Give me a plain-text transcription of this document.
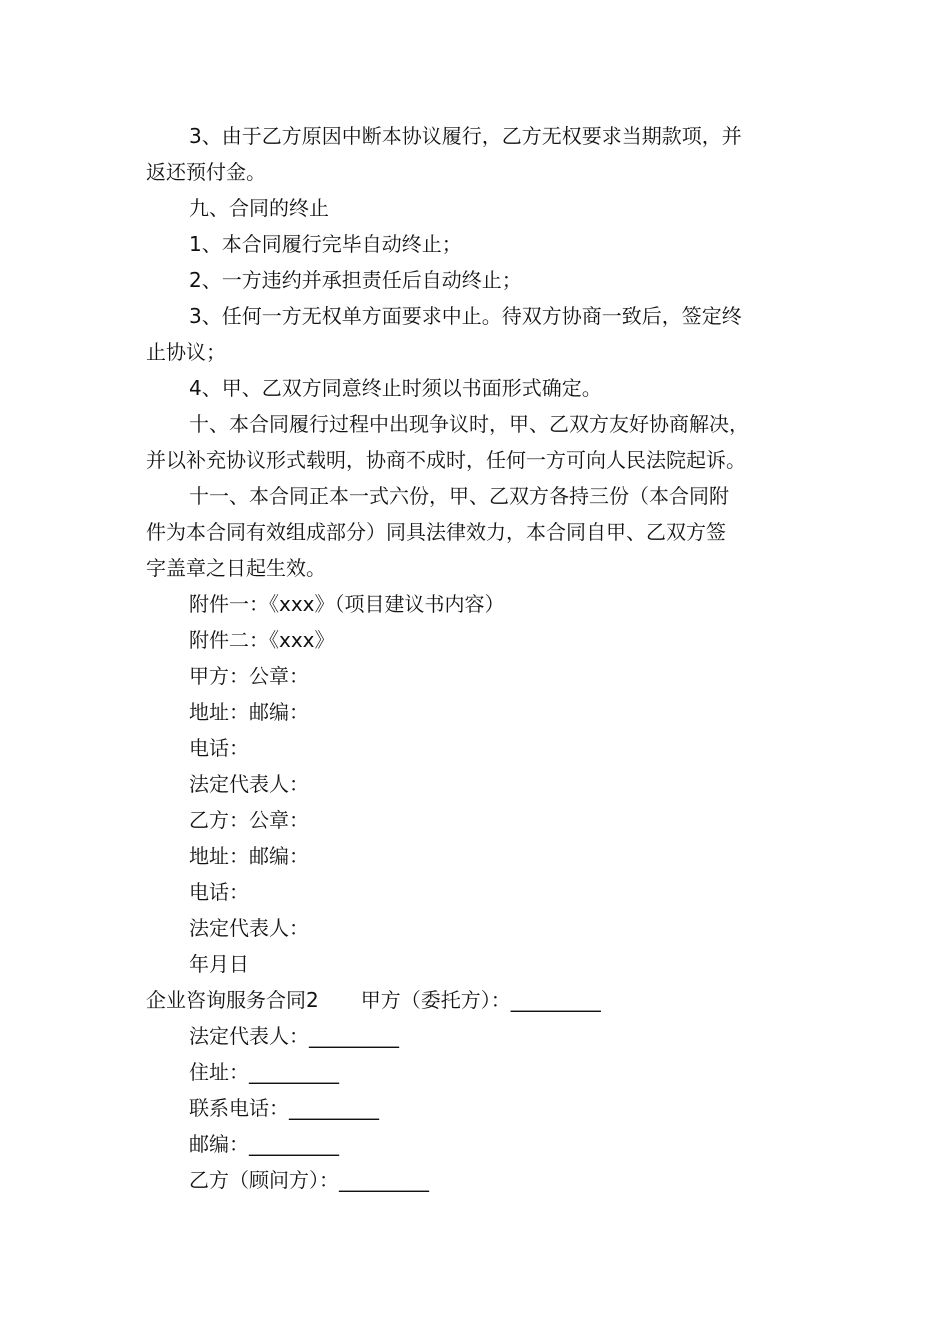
3、由于乙方原因中断本协议履行，乙方无权要求当期款项，并

返还预付金。

九、合同的终止

1、本合同履行完毕自动终止；

2、一方违约并承担责任后自动终止；

3、任何一方无权单方面要求中止。待双方协商一致后，签定终

止协议；

4、甲、乙双方同意终止时须以书面形式确定。

十、本合同履行过程中出现争议时，甲、乙双方友好协商解决，

并以补充协议形式载明，协商不成时，任何一方可向人民法院起诉。

十一、本合同正本一式六份，甲、乙双方各持三份（本合同附

件为本合同有效组成部分）同具法律效力，本合同自甲、乙双方签

字盖章之日起生效。

附件一：《xxx》（项目建议书内容）

附件二：《xxx》

甲方：公章：

地址：邮编：

电话：

法定代表人：

乙方：公章：

地址：邮编：

电话：

法定代表人：

年月日

企业咨询服务合同2 甲方（委托方）：_________

法定代表人：_________

住址：_________

联系电话：_________

邮编：_________

乙方（顾问方）：_________
